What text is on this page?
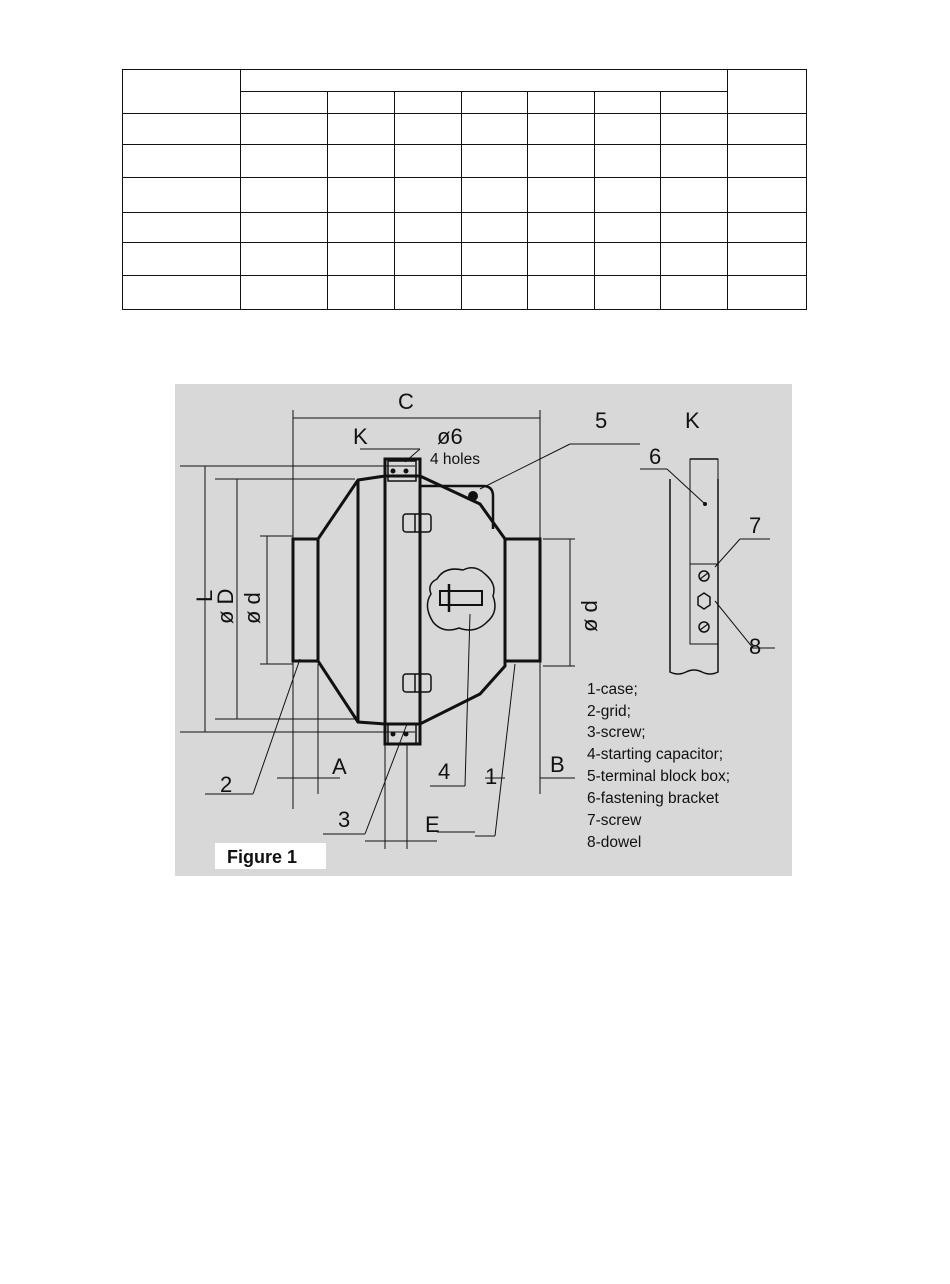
C
K	ø6
4 holes
K
L
ø D ø d	ø d
A	B
E
1
2
3
4
5
6
7
8
1-case;
2-grid;
3-screw;
4-starting capacitor;
5-terminal block box;
6-fastening bracket
7-screw
8-dowel
Figure 1
